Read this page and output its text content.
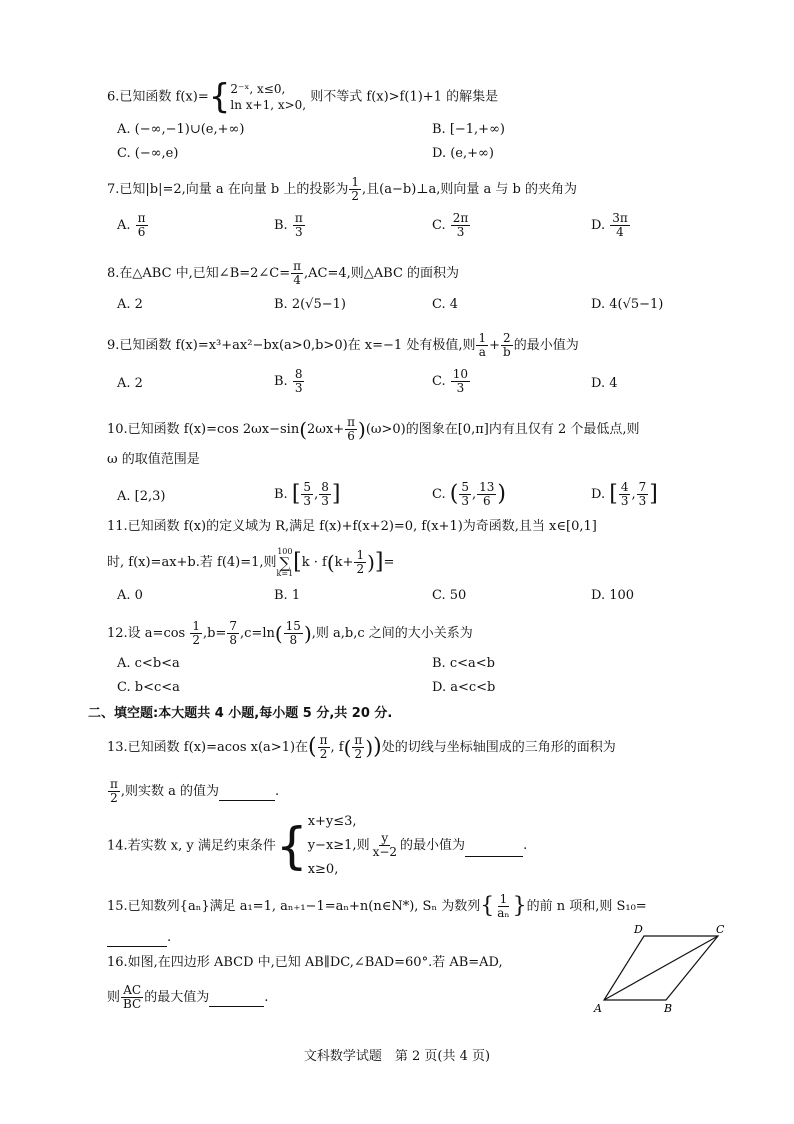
6.已知函数 f(x)={ 2⁻ˣ, x≤0,
ln x+1, x>0,
则不等式 f(x)>f(1)+1 的解集是
A. (−∞,−1)∪(e,+∞)	B. [−1,+∞)
C. (−∞,e)	D. (e,+∞)
7.已知|b|=2,向量 a 在向量 b 上的投影为 $\frac{1}{2}$ ,且(a−b)⊥a,则向量 a 与 b 的夹角为
A. $\frac{\pi}{6}$	B. $\frac{\pi}{3}$	C. $\frac{2\pi}{3}$	D. $\frac{3\pi}{4}$
8.在△ABC 中,已知∠B=2∠C= $\frac{\pi}{4} ,AC=4$,则△ABC 的面积为
A. 2	B. 2(√5−1)	C. 4	D. 4(√5−1)
9.已知函数 f(x)=x³+ax²−bx(a>0,b>0)在 x=−1 处有极值,则 $\frac{1}{a} + \frac{2}{b}$ 的最小值为
A. 2	B. $\frac{8}{3}$	C. $\frac{10}{3}$	D. 4
10.已知函数 f(x)=cos $2\omega x-\sin(2\omega x+ \frac{\pi}{6} )(\omega>0)$的图象在[0,π]内有且仅有 2 个最低点,则
ω 的取值范围是
A. [2,3)	B. [ $\frac{5}{3}$ , $\frac{8}{3}$ ]	C. ( $\frac{5}{3}$ , $\frac{13}{6}$ )	D. [ $\frac{4}{3}$ , $\frac{7}{3}$ ]
11.已知函数 f(x)的定义域为 R,满足 f(x)+f(x+2)=0, f(x+1)为奇函数,且当 x∈[0,1]
时, f(x)=ax+b.若 f(4)=1,则
100
∑
k=1 [$k \cdot f(k+ \frac{1}{2}$ )]=
A. 0	B. 1	C. 50	D. 100
12.设 $a=\cos \frac{1}{2} ,b= \frac{7}{8} ,c=\ln( \frac{15}{8}$ ),则 a,b,c 之间的大小关系为
A. c<b<a	B. c<a<b
C. b<c<a	D. a<c<b
二、填空题:本大题共 4 小题,每小题 5 分,共 20 分.
13.已知函数 f(x)=acos x(a>1)在( $\frac{\pi}{2}$ , $f( \frac{\pi}{2}$ ))处的切线与坐标轴围成的三角形的面积为
$\frac{\pi}{2}$ ,则实数 a 的值为	.
14.若实数 x, y 满足约束条件{ x+y≤3,
y−x≥1,则 $\frac{y}{x-2}$ 的最小值为	.
x≥0,
15.已知数列{aₙ}满足 a₁=1, aₙ₊₁−1=aₙ+n(n∈N*), Sₙ 为数列{ $\frac{1}{\text{aₙ}}$ }的前 n 项和,则 S₁₀=
.
16.如图,在四边形 ABCD 中,已知 AB∥DC,∠BAD=60°.若 AB=AD,
则 $\frac{AC}{BC}$ 的最大值为	.
A	B
C
D
文科数学试题　第 2 页(共 4 页)
